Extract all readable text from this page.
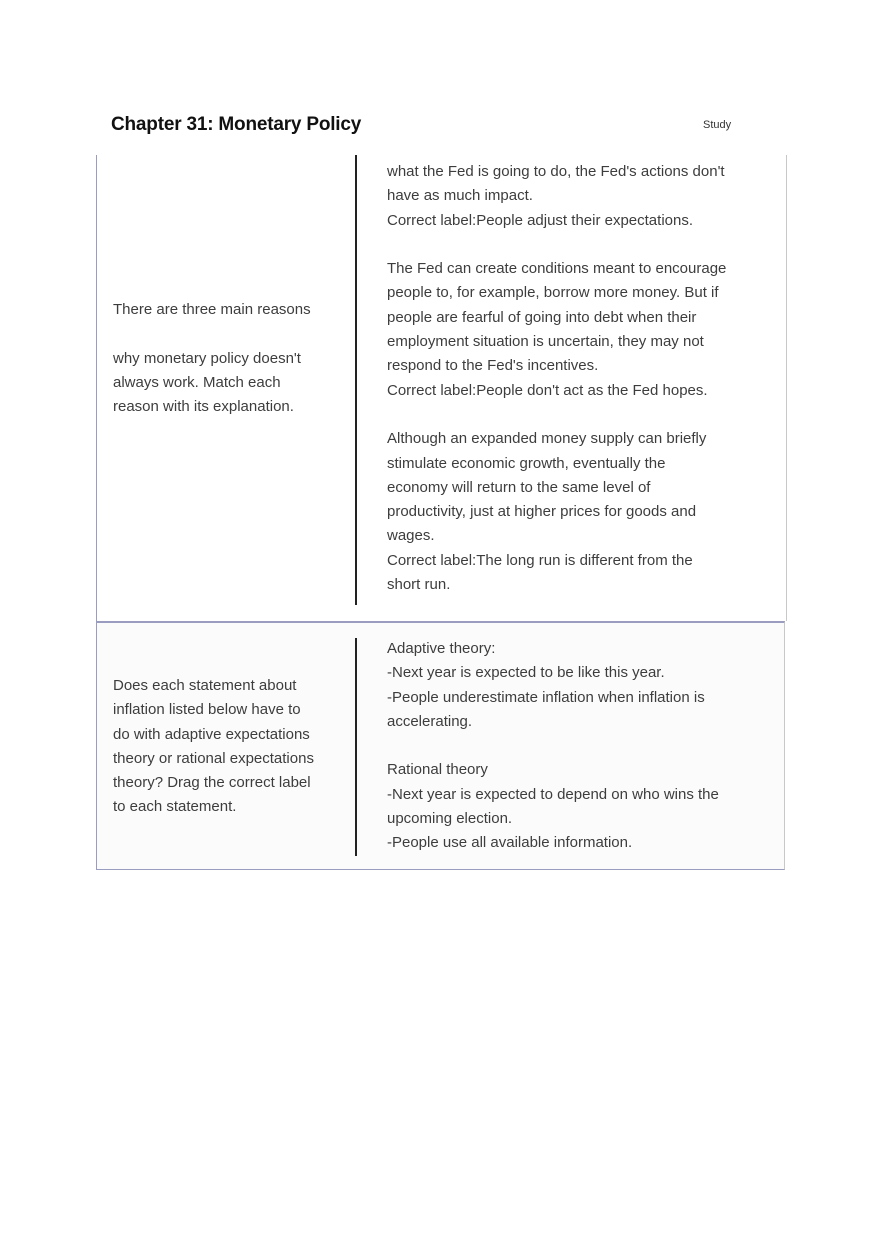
There are three main reasons
why monetary policy doesn't
always work. Match each
reason with its explanation.
what the Fed is going to do, the Fed's actions don't
have as much impact.
Correct label:People adjust their expectations.
The Fed can create conditions meant to encourage
people to, for example, borrow more money. But if
people are fearful of going into debt when their
employment situation is uncertain, they may not
respond to the Fed's incentives.
Correct label:People don't act as the Fed hopes.
Although an expanded money supply can briefly
stimulate economic growth, eventually the
economy will return to the same level of
productivity, just at higher prices for goods and
wages.
Correct label:The long run is different from the
short run.
Does each statement about
inflation listed below have to
do with adaptive expectations
theory or rational expectations
theory? Drag the correct label
to each statement.
Adaptive theory:
-Next year is expected to be like this year.
-People underestimate inflation when inflation is
accelerating.
Rational theory
-Next year is expected to depend on who wins the
upcoming election.
-People use all available information.
Chapter 31: Monetary Policy	Study
